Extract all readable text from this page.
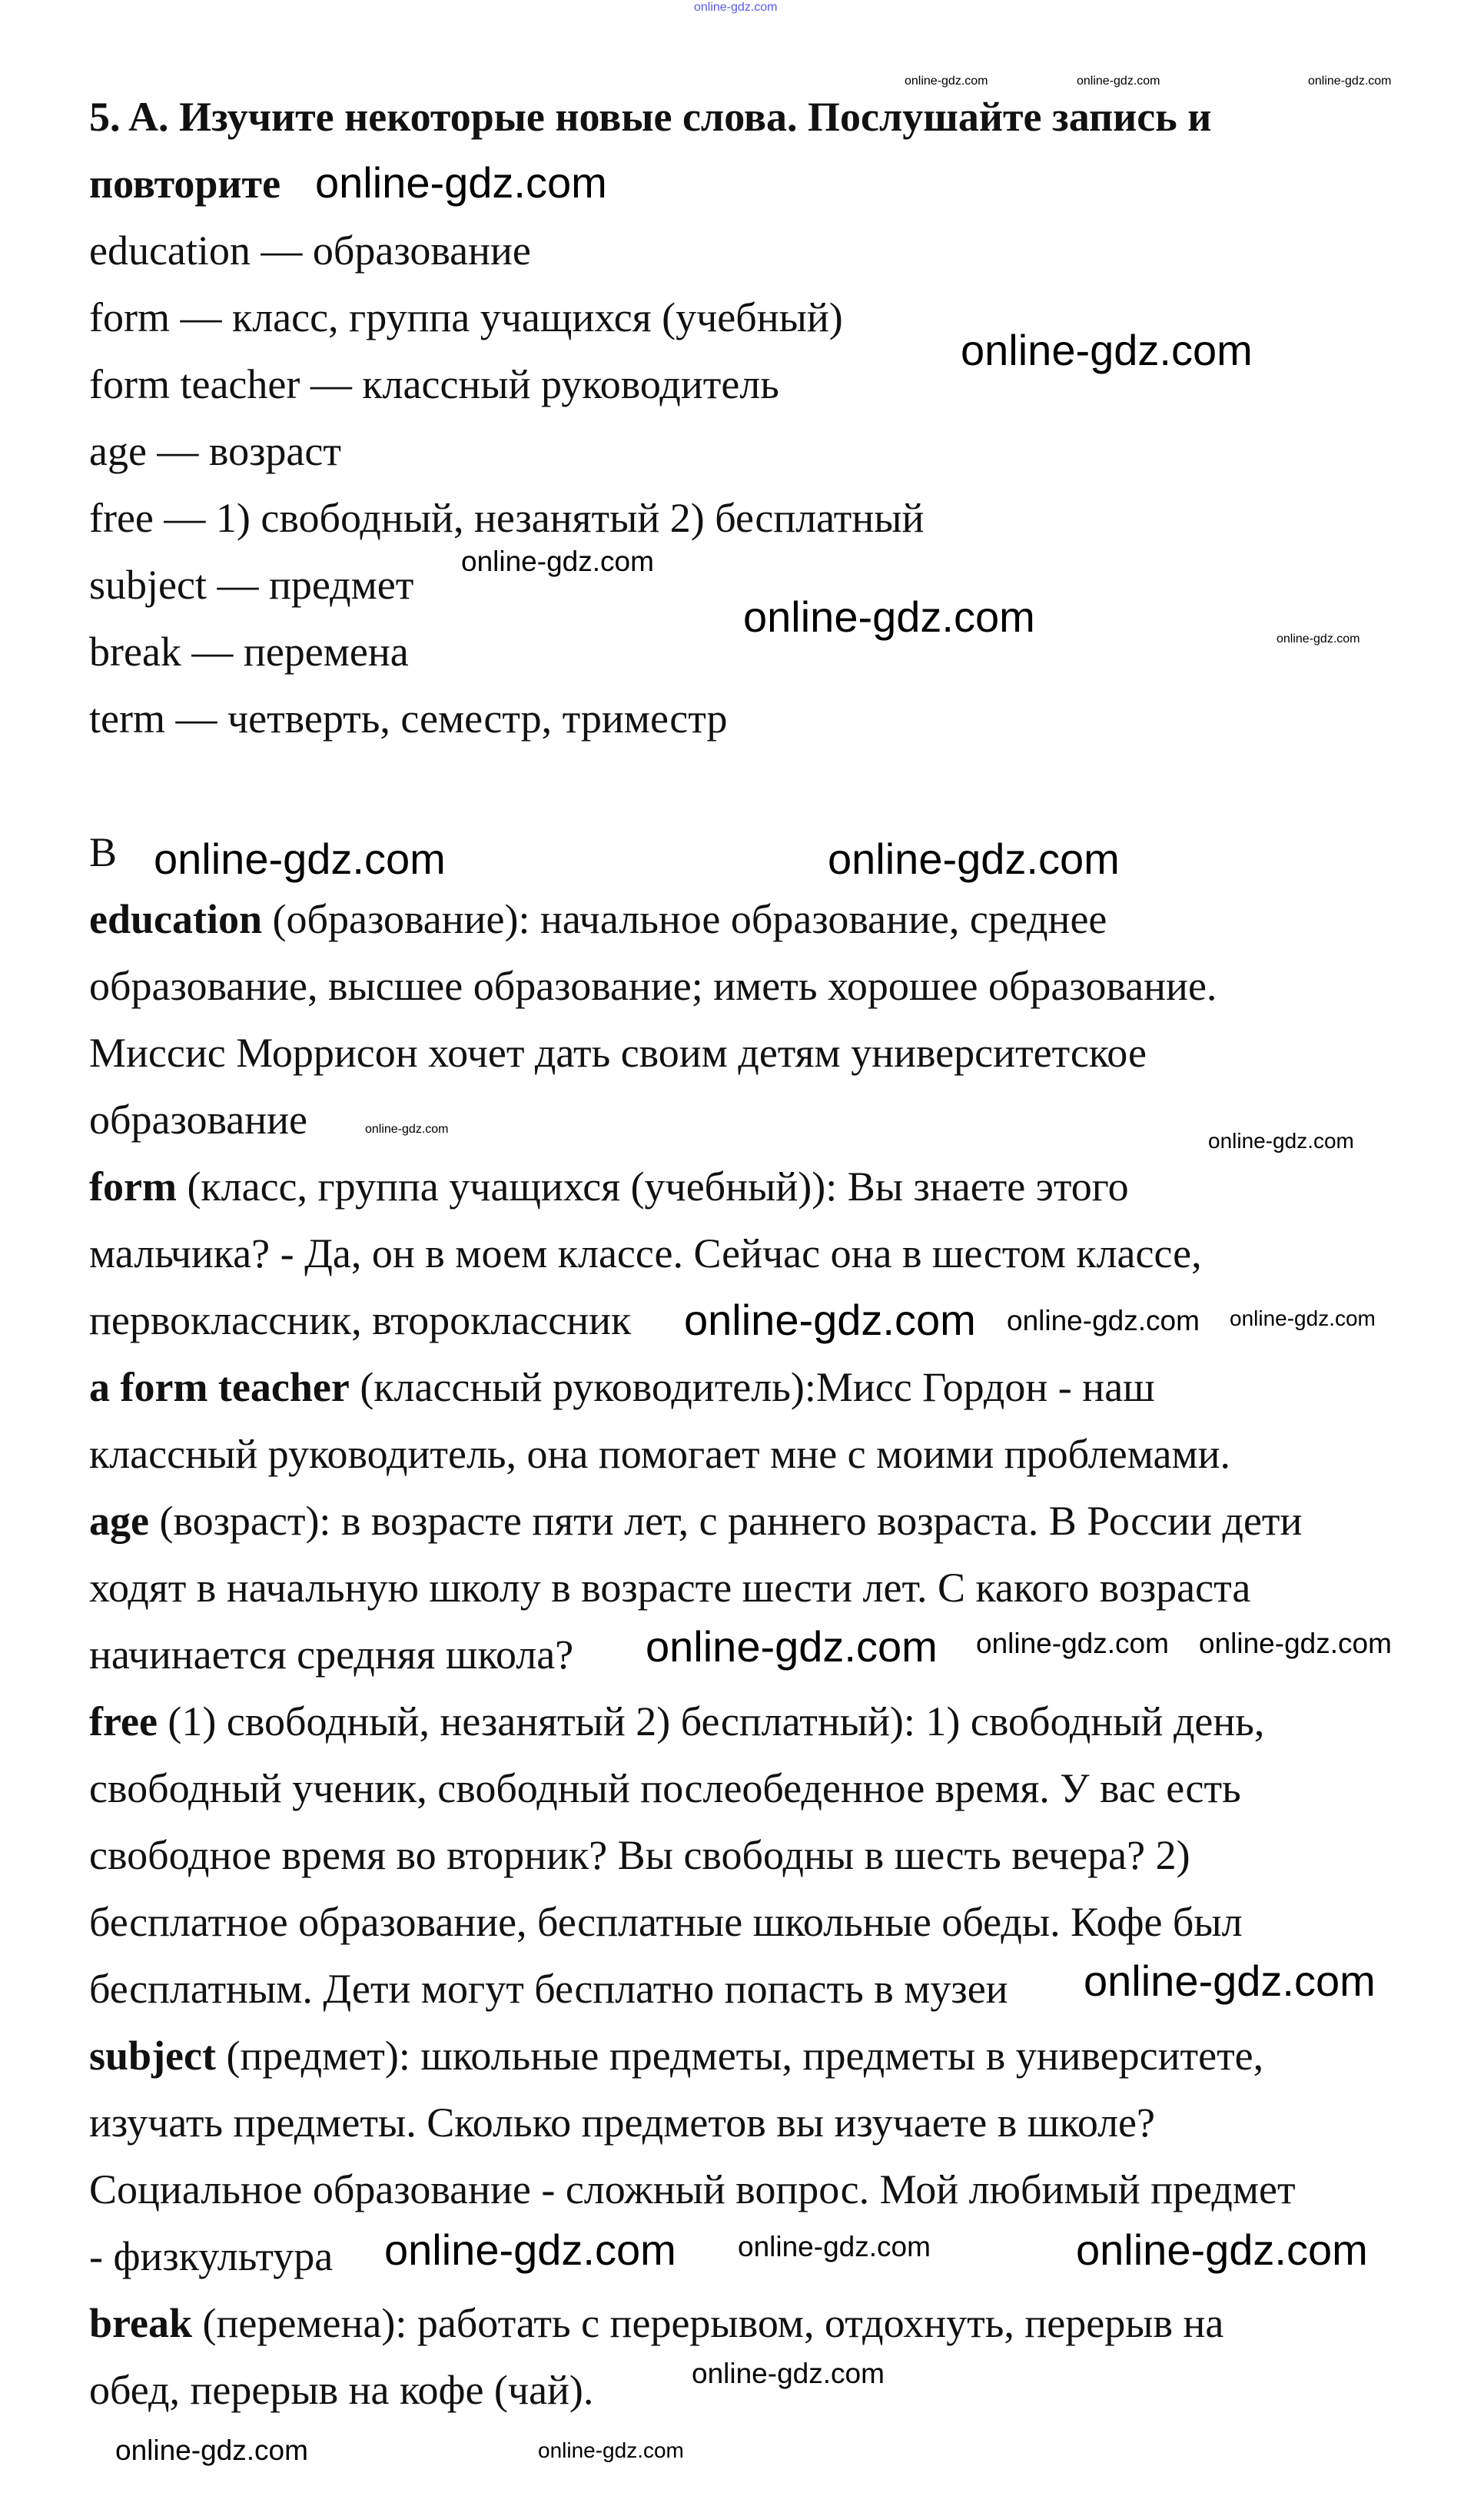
5. A. Изучите некоторые новые слова. Послушайте запись и
повторите
education — образование
form — класс, группа учащихся (учебный)
form teacher — классный руководитель
age — возраст
free — 1) свободный, незанятый 2) бесплатный
subject — предмет
break — перемена
term — четверть, семестр, триместр
B
education (образование): начальное образование, среднее
образование, высшее образование; иметь хорошее образование.
Миссис Моррисон хочет дать своим детям университетское
образование
form (класс, группа учащихся (учебный)): Вы знаете этого
мальчика? - Да, он в моем классе. Сейчас она в шестом классе,
первоклассник, второклассник
a form teacher (классный руководитель):Мисс Гордон - наш
классный руководитель, она помогает мне с моими проблемами.
age (возраст): в возрасте пяти лет, с раннего возраста. В России дети
ходят в начальную школу в возрасте шести лет. С какого возраста
начинается средняя школа?
free (1) свободный, незанятый 2) бесплатный): 1) свободный день,
свободный ученик, свободный послеобеденное время. У вас есть
свободное время во вторник? Вы свободны в шесть вечера? 2)
бесплатное образование, бесплатные школьные обеды. Кофе был
бесплатным. Дети могут бесплатно попасть в музеи
subject (предмет): школьные предметы, предметы в университете,
изучать предметы. Сколько предметов вы изучаете в школе?
Социальное образование - сложный вопрос. Мой любимый предмет
- физкультура
break (перемена): работать с перерывом, отдохнуть, перерыв на
обед, перерыв на кофе (чай).
online-gdz.com
online-gdz.com	online-gdz.com	online-gdz.com
online-gdz.com
online-gdz.com
online-gdz.com
online-gdz.com	online-gdz.com
online-gdz.com	online-gdz.com
online-gdz.com	online-gdz.com
online-gdz.com
online-gdz.com	online-gdz.com
online-gdz.com online-gdz.com
online-gdz.com
online-gdz.com
online-gdz.com
online-gdz.com
online-gdz.com
online-gdz.com	online-gdz.com
online-gdz.com
